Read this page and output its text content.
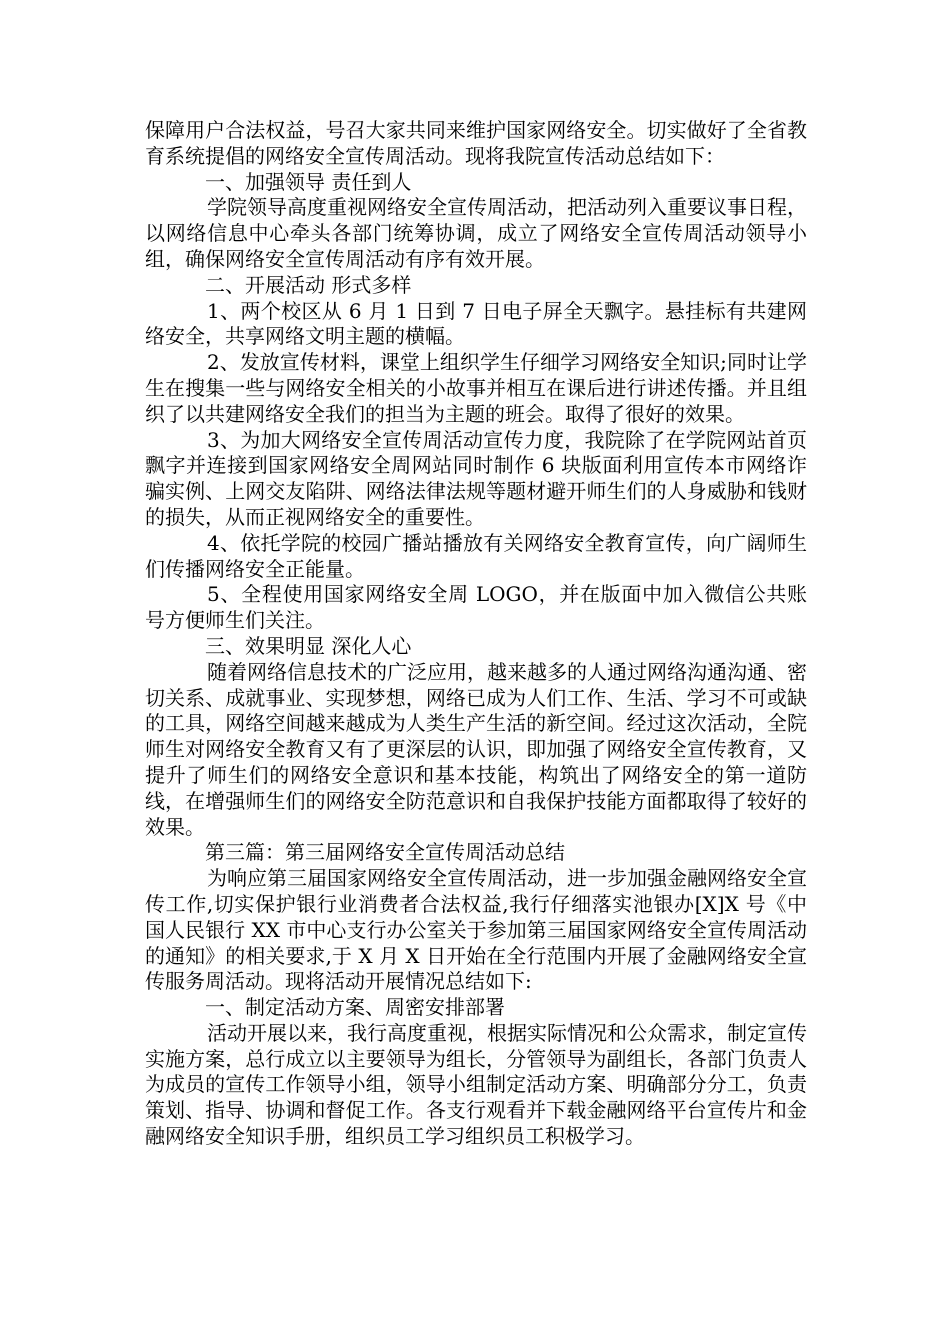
保障用户合法权益，号召大家共同来维护国家网络安全。切实做好了全省教育系统提倡的网络安全宣传周活动。现将我院宣传活动总结如下：

一、加强领导 责任到人

学院领导高度重视网络安全宣传周活动，把活动列入重要议事日程，以网络信息中心牵头各部门统筹协调，成立了网络安全宣传周活动领导小组，确保网络安全宣传周活动有序有效开展。

二、开展活动 形式多样

1、两个校区从 6 月 1 日到 7 日电子屏全天飘字。悬挂标有共建网络安全，共享网络文明主题的横幅。

2、发放宣传材料，课堂上组织学生仔细学习网络安全知识;同时让学生在搜集一些与网络安全相关的小故事并相互在课后进行讲述传播。并且组织了以共建网络安全我们的担当为主题的班会。取得了很好的效果。

3、为加大网络安全宣传周活动宣传力度，我院除了在学院网站首页飘字并连接到国家网络安全周网站同时制作 6 块版面利用宣传本市网络诈骗实例、上网交友陷阱、网络法律法规等题材避开师生们的人身威胁和钱财的损失，从而正视网络安全的重要性。

4、依托学院的校园广播站播放有关网络安全教育宣传，向广阔师生们传播网络安全正能量。

5、全程使用国家网络安全周 LOGO，并在版面中加入微信公共账号方便师生们关注。

三、效果明显 深化人心

随着网络信息技术的广泛应用，越来越多的人通过网络沟通沟通、密切关系、成就事业、实现梦想，网络已成为人们工作、生活、学习不可或缺的工具，网络空间越来越成为人类生产生活的新空间。经过这次活动，全院师生对网络安全教育又有了更深层的认识，即加强了网络安全宣传教育，又提升了师生们的网络安全意识和基本技能，构筑出了网络安全的第一道防线，在增强师生们的网络安全防范意识和自我保护技能方面都取得了较好的效果。

第三篇：第三届网络安全宣传周活动总结

为响应第三届国家网络安全宣传周活动，进一步加强金融网络安全宣传工作,切实保护银行业消费者合法权益,我行仔细落实池银办[X]X 号《中国人民银行 XX 市中心支行办公室关于参加第三届国家网络安全宣传周活动的通知》的相关要求,于 X 月 X 日开始在全行范围内开展了金融网络安全宣传服务周活动。现将活动开展情况总结如下:

一、制定活动方案、周密安排部署

活动开展以来，我行高度重视，根据实际情况和公众需求，制定宣传实施方案，总行成立以主要领导为组长，分管领导为副组长，各部门负责人为成员的宣传工作领导小组，领导小组制定活动方案、明确部分分工，负责策划、指导、协调和督促工作。各支行观看并下载金融网络平台宣传片和金融网络安全知识手册，组织员工学习组织员工积极学习。
